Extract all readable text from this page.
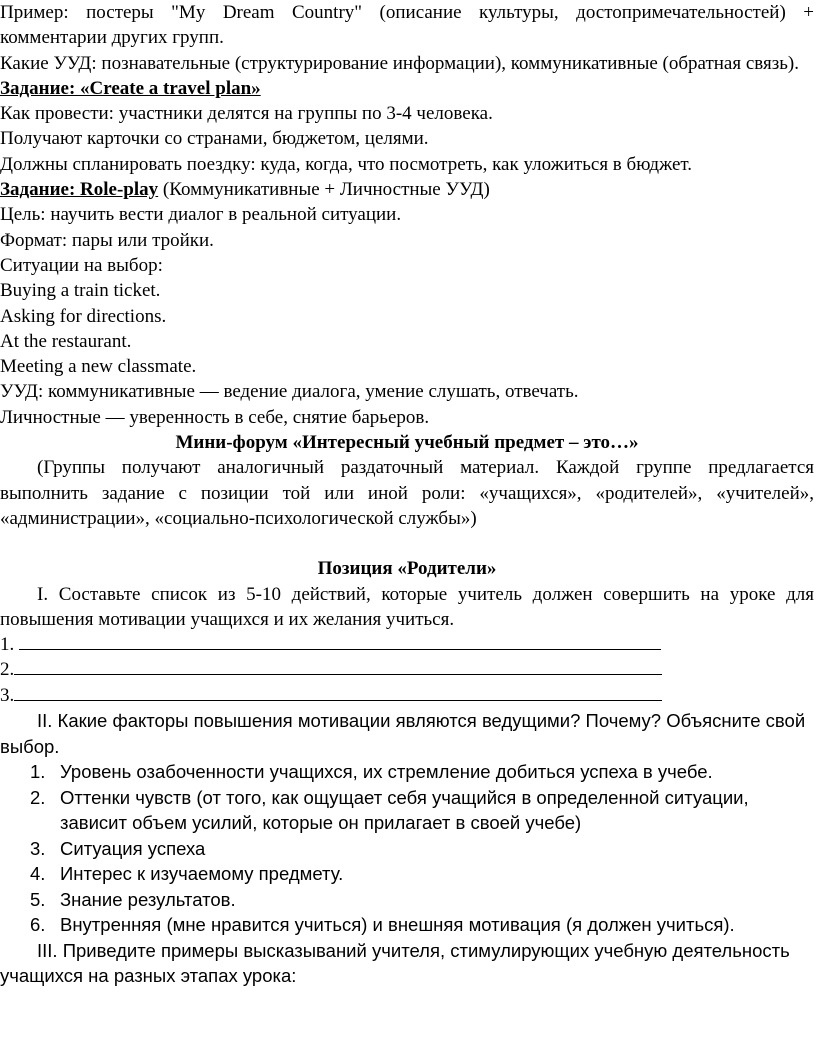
Пример: постеры "My Dream Country" (описание культуры, достопримечательностей) + комментарии других групп.

Какие УУД: познавательные (структурирование информации), коммуникативные (обратная связь).

Задание: «Create a travel plan»

Как провести: участники делятся на группы по 3-4 человека.

Получают карточки со странами, бюджетом, целями.

Должны спланировать поездку: куда, когда, что посмотреть, как уложиться в бюджет.

Задание: Role-play (Коммуникативные + Личностные УУД)

Цель: научить вести диалог в реальной ситуации.

Формат: пары или тройки.

Ситуации на выбор:

Buying a train ticket.

Asking for directions.

At the restaurant.

Meeting a new classmate.

УУД: коммуникативные — ведение диалога, умение слушать, отвечать.

Личностные — уверенность в себе, снятие барьеров.

Мини-форум «Интересный учебный предмет – это…»

(Группы получают аналогичный раздаточный материал. Каждой группе предлагается выполнить задание с позиции той или иной роли: «учащихся», «родителей», «учителей», «администрации», «социально-психологической службы»)

Позиция «Родители»

I. Составьте список из 5-10 действий, которые учитель должен совершить на уроке для повышения мотивации учащихся и их желания учиться.

1.

2.

3.

II. Какие факторы повышения мотивации являются ведущими? Почему? Объясните свой выбор.

1. Уровень озабоченности учащихся, их стремление добиться успеха в учебе.
2. Оттенки чувств (от того, как ощущает себя учащийся в определенной ситуации, зависит объем усилий, которые он прилагает в своей учебе)
3. Ситуация успеха
4. Интерес к изучаемому предмету.
5. Знание результатов.
6. Внутренняя (мне нравится учиться) и внешняя мотивация (я должен учиться).

III. Приведите примеры высказываний учителя, стимулирующих учебную деятельность учащихся на разных этапах урока:
